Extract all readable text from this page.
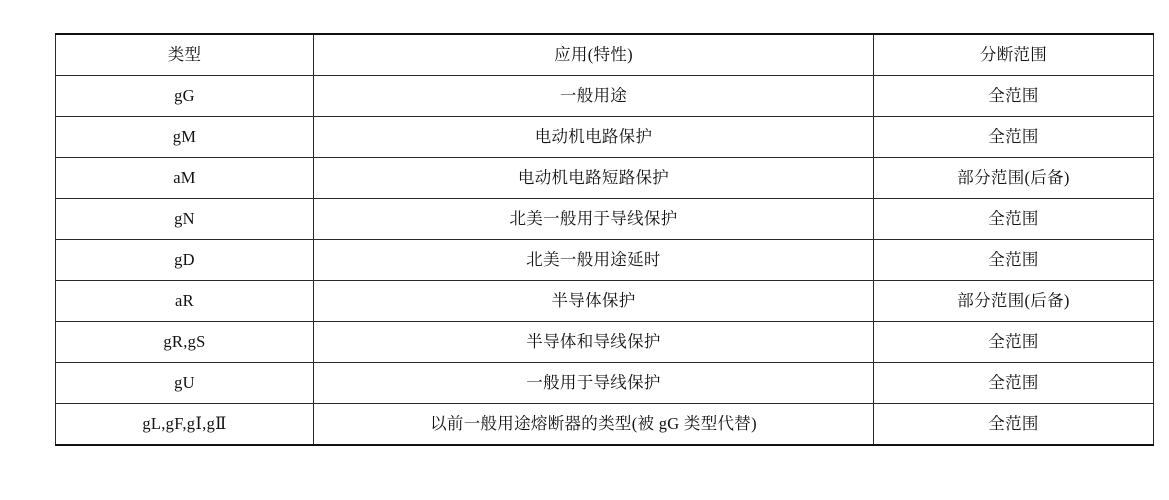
类型	应用(特性)	分断范围

gG	一般用途	全范围

gM	电动机电路保护	全范围

aM	电动机电路短路保护	部分范围(后备)

gN	北美一般用于导线保护	全范围

gD	北美一般用途延时	全范围

aR	半导体保护	部分范围(后备)

gR,gS	半导体和导线保护	全范围

gU	一般用于导线保护	全范围

gL,gF,gⅠ,gⅡ	以前一般用途熔断器的类型(被 gG 类型代替)	全范围
